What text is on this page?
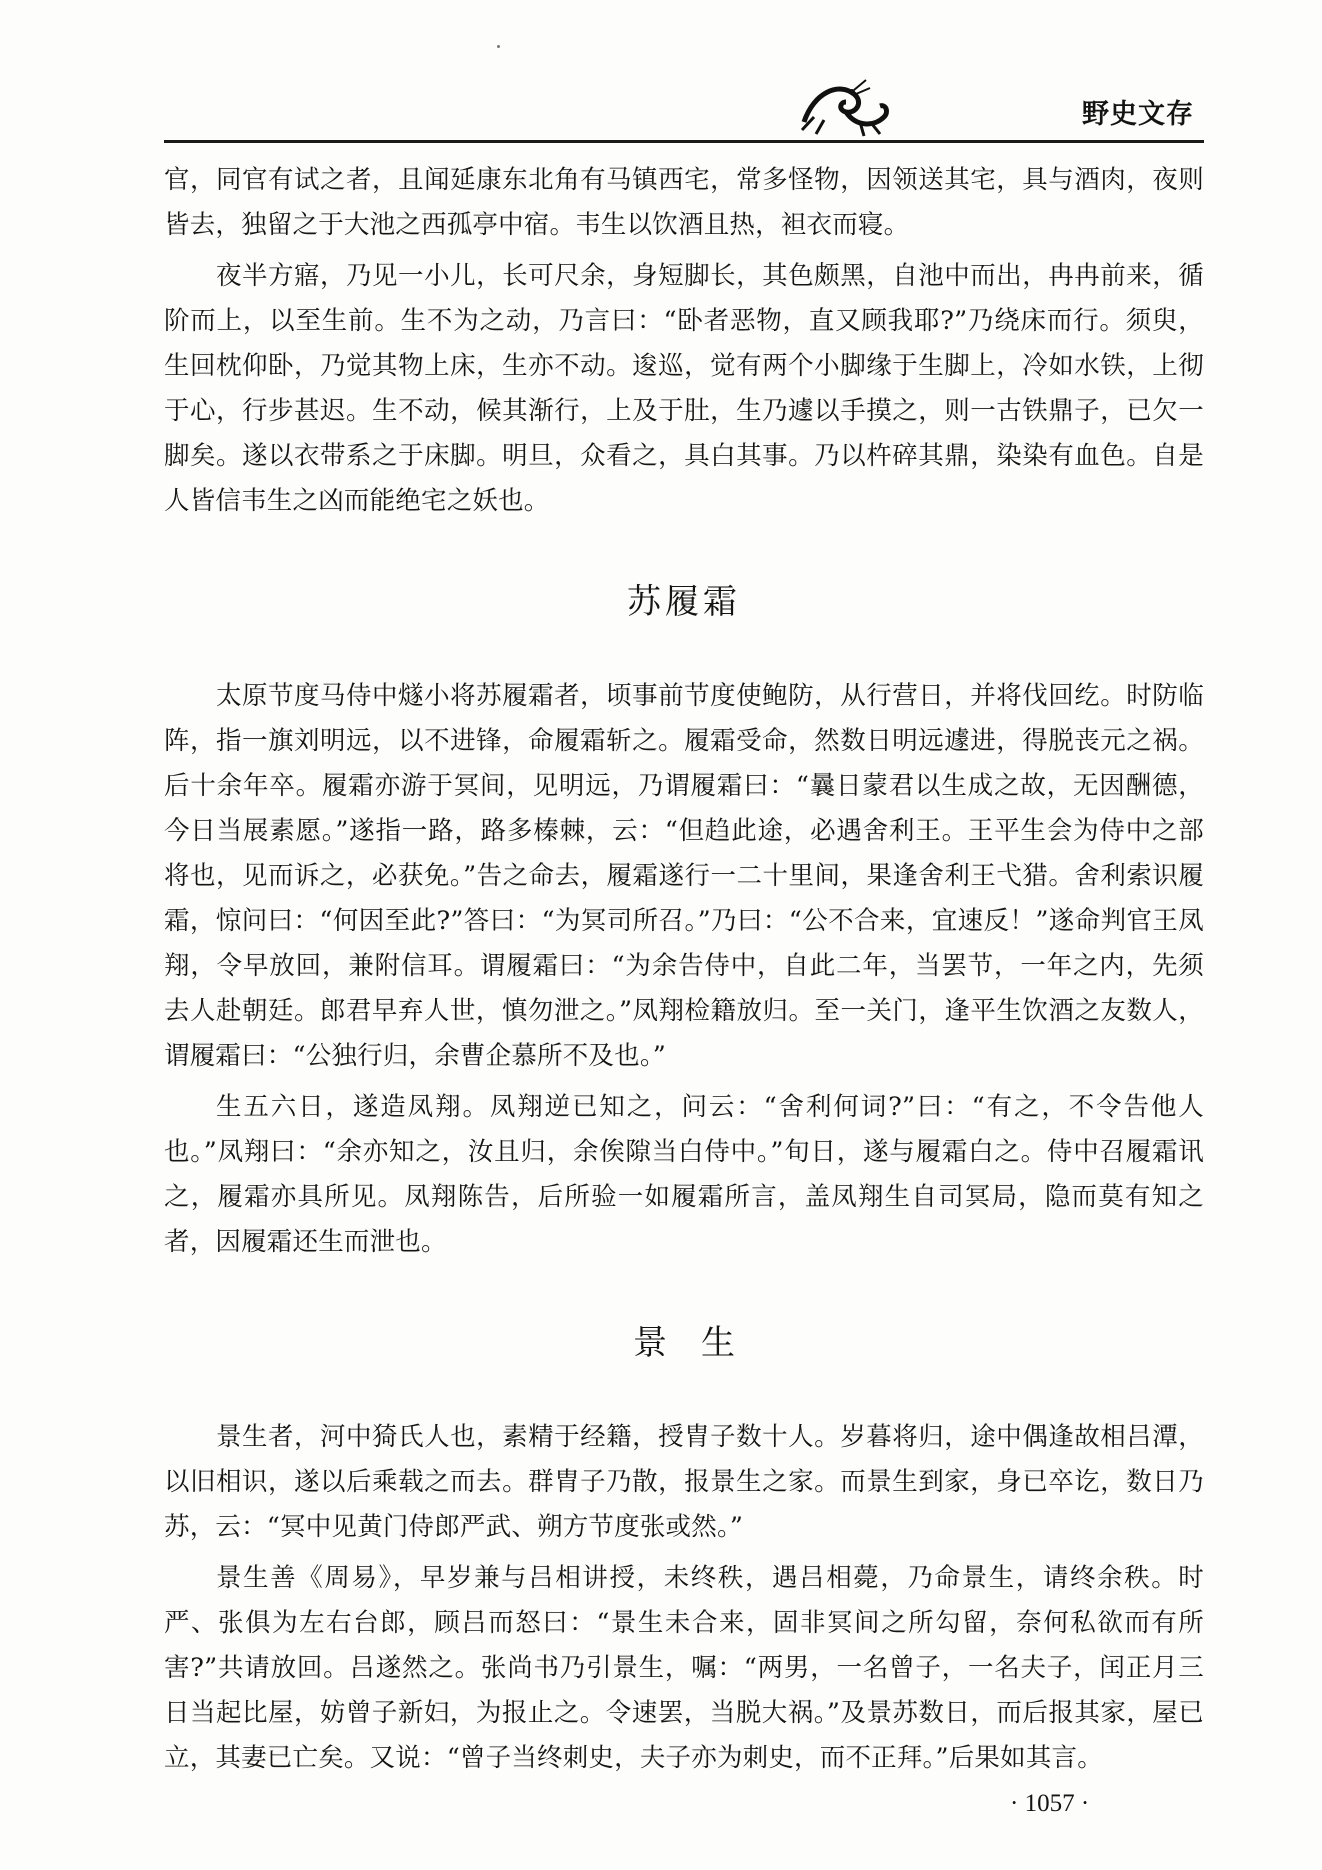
野史文存

官，同官有试之者，且闻延康东北角有马镇西宅，常多怪物，因领送其宅，具与酒肉，夜则皆去，独留之于大池之西孤亭中宿。韦生以饮酒且热，袒衣而寝。

夜半方寤，乃见一小儿，长可尺余，身短脚长，其色颇黑，自池中而出，冉冉前来，循阶而上，以至生前。生不为之动，乃言曰：“卧者恶物，直又顾我耶?”乃绕床而行。须臾，生回枕仰卧，乃觉其物上床，生亦不动。逡巡，觉有两个小脚缘于生脚上，冷如水铁，上彻于心，行步甚迟。生不动，候其渐行，上及于肚，生乃遽以手摸之，则一古铁鼎子，已欠一脚矣。遂以衣带系之于床脚。明旦，众看之，具白其事。乃以杵碎其鼎，染染有血色。自是人皆信韦生之凶而能绝宅之妖也。

苏履霜

太原节度马侍中燧小将苏履霜者，顷事前节度使鲍防，从行营日，并将伐回纥。时防临阵，指一旗刘明远，以不进锋，命履霜斩之。履霜受命，然数日明远遽进，得脱丧元之祸。后十余年卒。履霜亦游于冥间，见明远，乃谓履霜曰：“曩日蒙君以生成之故，无因酬德，今日当展素愿。”遂指一路，路多榛棘，云：“但趋此途，必遇舍利王。王平生会为侍中之部将也，见而诉之，必获免。”告之命去，履霜遂行一二十里间，果逢舍利王弋猎。舍利索识履霜，惊问曰：“何因至此?”答曰：“为冥司所召。”乃曰：“公不合来，宜速反！”遂命判官王凤翔，令早放回，兼附信耳。谓履霜曰：“为余告侍中，自此二年，当罢节，一年之内，先须去人赴朝廷。郎君早弃人世，慎勿泄之。”凤翔检籍放归。至一关门，逢平生饮酒之友数人，谓履霜曰：“公独行归，余曹企慕所不及也。”

生五六日，遂造凤翔。凤翔逆已知之，问云：“舍利何词?”曰：“有之，不令告他人也。”凤翔曰：“余亦知之，汝且归，余俟隙当白侍中。”旬日，遂与履霜白之。侍中召履霜讯之，履霜亦具所见。凤翔陈告，后所验一如履霜所言，盖凤翔生自司冥局，隐而莫有知之者，因履霜还生而泄也。

景生

景生者，河中猗氏人也，素精于经籍，授胄子数十人。岁暮将归，途中偶逢故相吕潭，以旧相识，遂以后乘载之而去。群胄子乃散，报景生之家。而景生到家，身已卒讫，数日乃苏，云：“冥中见黄门侍郎严武、朔方节度张或然。”

景生善《周易》，早岁兼与吕相讲授，未终秩，遇吕相薨，乃命景生，请终余秩。时严、张俱为左右台郎，顾吕而怒曰：“景生未合来，固非冥间之所勾留，奈何私欲而有所害?”共请放回。吕遂然之。张尚书乃引景生，嘱：“两男，一名曾子，一名夫子，闰正月三日当起比屋，妨曾子新妇，为报止之。令速罢，当脱大祸。”及景苏数日，而后报其家，屋已立，其妻已亡矣。又说：“曾子当终刺史，夫子亦为刺史，而不正拜。”后果如其言。

· 1057 ·
